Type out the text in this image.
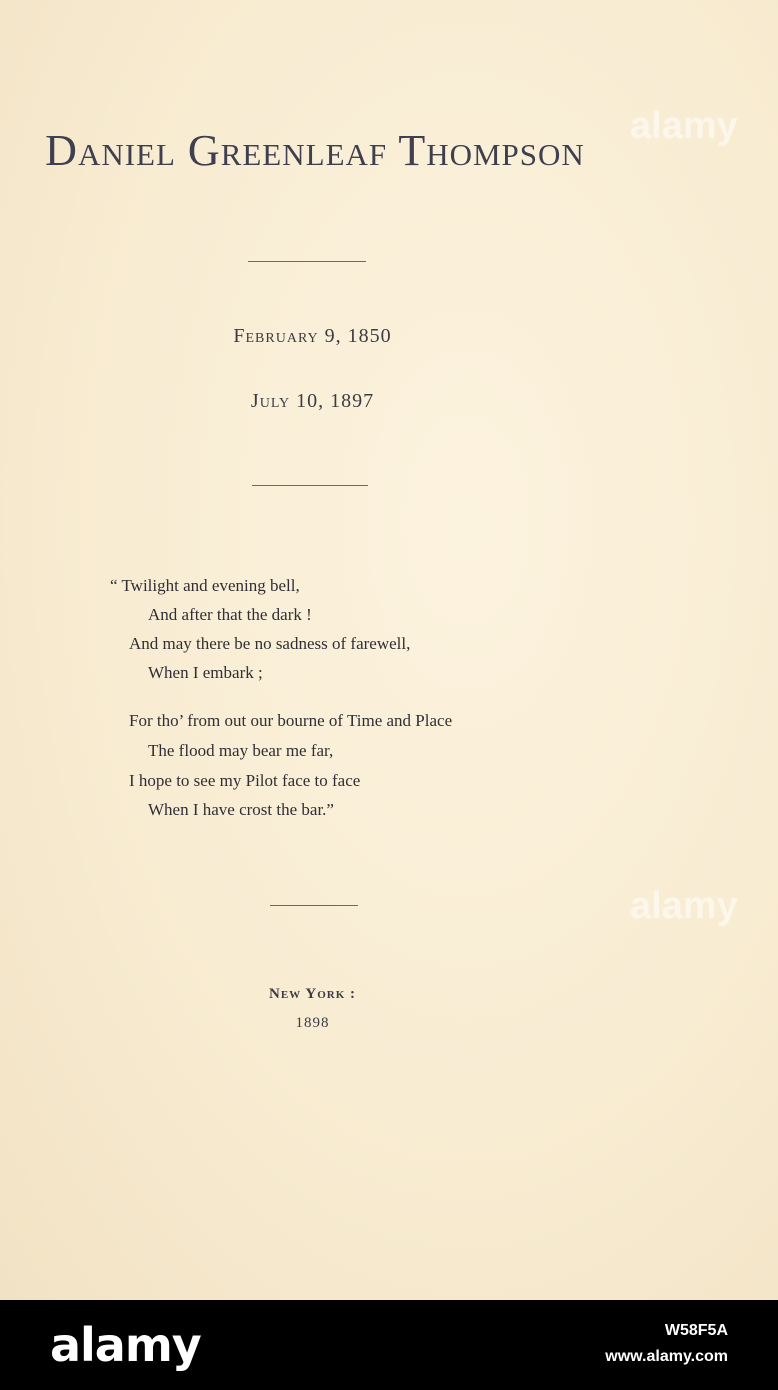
Daniel Greenleaf Thompson
February 9, 1850
July 10, 1897
“ Twilight and evening bell,
And after that the dark !
And may there be no sadness of farewell,
When I embark ;
For tho’ from out our bourne of Time and Place
The flood may bear me far,
I hope to see my Pilot face to face
When I have crost the bar.”
New York :
1898
alamy
alamy
alamy	W58F5A
www.alamy.com
